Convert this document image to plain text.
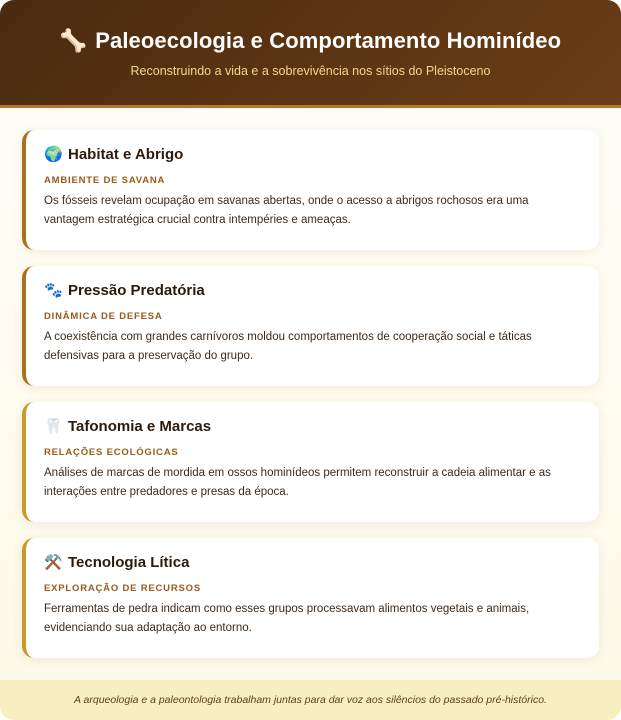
🦴 Paleoecologia e Comportamento Hominídeo
Reconstruindo a vida e a sobrevivência nos sítios do Pleistoceno
🌍 Habitat e Abrigo
AMBIENTE DE SAVANA

Os fósseis revelam ocupação em savanas abertas, onde o acesso a abrigos rochosos era uma vantagem estratégica crucial contra intempéries e ameaças.

🐾 Pressão Predatória
DINÂMICA DE DEFESA

A coexistência com grandes carnívoros moldou comportamentos de cooperação social e táticas defensivas para a preservação do grupo.

🦷 Tafonomia e Marcas
RELAÇÕES ECOLÓGICAS

Análises de marcas de mordida em ossos hominídeos permitem reconstruir a cadeia alimentar e as interações entre predadores e presas da época.

⚒️ Tecnologia Lítica
EXPLORAÇÃO DE RECURSOS

Ferramentas de pedra indicam como esses grupos processavam alimentos vegetais e animais, evidenciando sua adaptação ao entorno.

A arqueologia e a paleontologia trabalham juntas para dar voz aos silêncios do passado pré-histórico.
